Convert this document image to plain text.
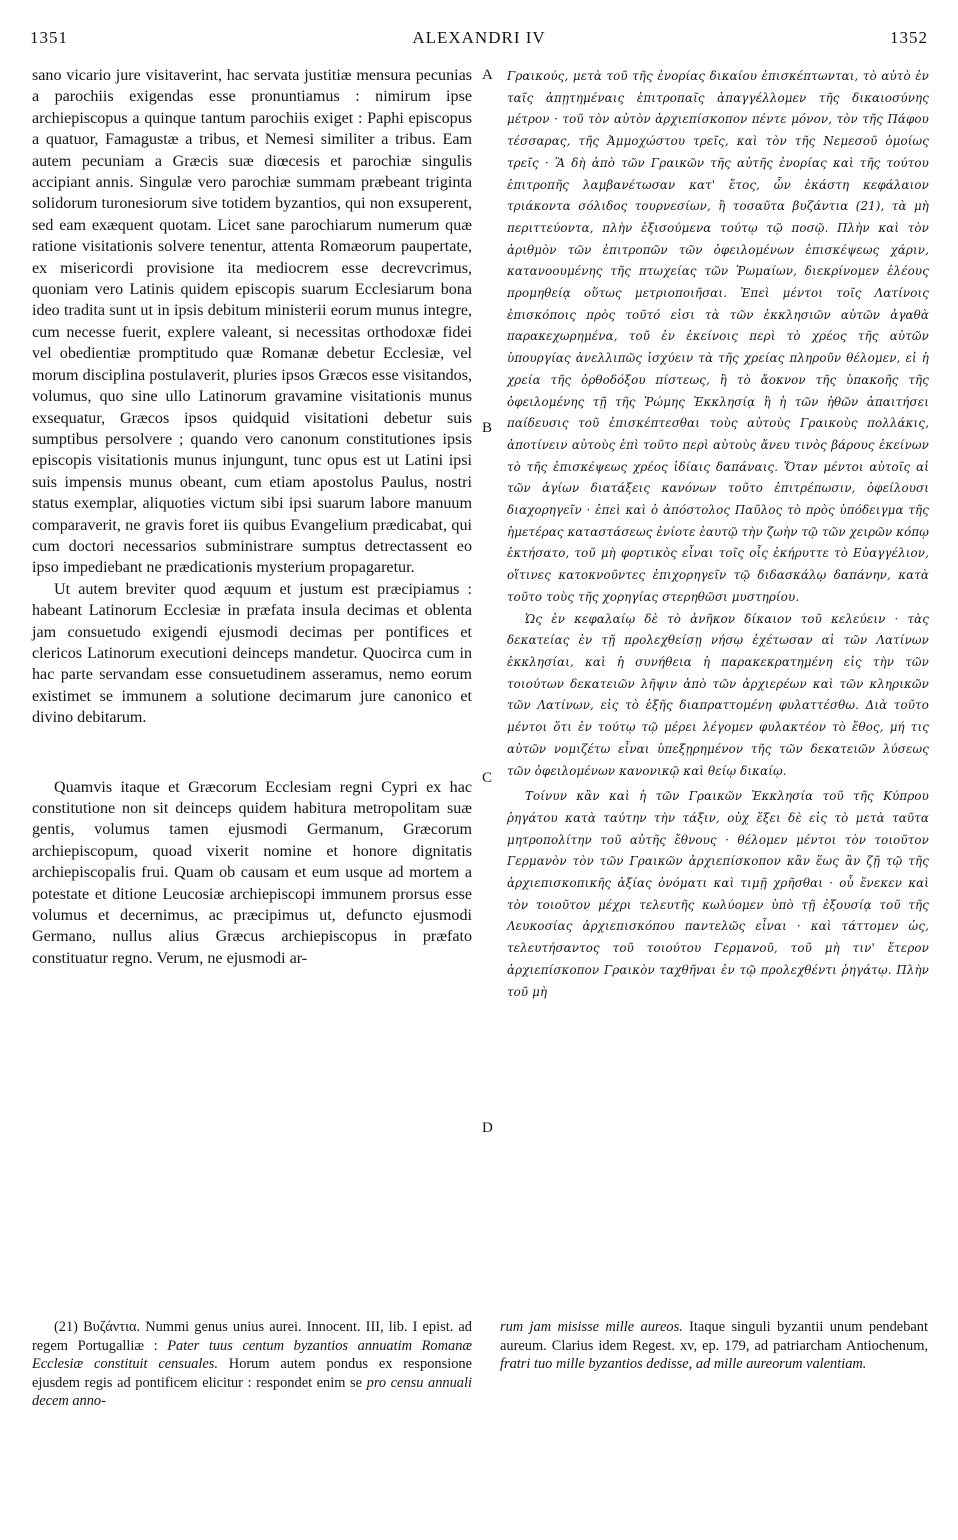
1351	ALEXANDRI IV	1352

sano vicario jure visitaverint, hac servata justitiæ mensura pecunias a parochiis exigendas esse pronuntiamus : nimirum ipse archiepiscopus a quinque tantum parochiis exiget : Paphi episcopus a quatuor, Famagustæ a tribus, et Nemesi similiter a tribus. Eam autem pecuniam a Græcis suæ diœcesis et parochiæ singulis accipiant annis. Singulæ vero parochiæ summam præbeant triginta solidorum turonesiorum sive totidem byzantios, qui non exsuperent, sed eam exæquent quotam. Licet sane parochiarum numerum quæ ratione visitationis solvere tenentur, attenta Romæorum paupertate, ex misericordi provisione ita mediocrem esse decrevcrimus, quoniam vero Latinis quidem episcopis suarum Ecclesiarum bona ideo tradita sunt ut in ipsis debitum ministerii eorum munus integre, cum necesse fuerit, explere valeant, si necessitas orthodoxæ fidei vel obedientiæ promptitudo quæ Romanæ debetur Ecclesiæ, vel morum disciplina postulaverit, pluries ipsos Græcos esse visitandos, volumus, quo sine ullo Latinorum gravamine visitationis munus exsequatur, Græcos ipsos quidquid visitationi debetur suis sumptibus persolvere ; quando vero canonum constitutiones ipsis episcopis visitationis munus injungunt, tunc opus est ut Latini ipsi suis impensis munus obeant, cum etiam apostolus Paulus, nostri status exemplar, aliquoties victum sibi ipsi suarum labore manuum comparaverit, ne gravis foret iis quibus Evangelium prædicabat, qui cum doctori necessarios subministrare sumptus detrectassent eo ipso impediebant ne prædicationis mysterium propagaretur.

Ut autem breviter quod æquum et justum est præcipiamus : habeant Latinorum Ecclesiæ in præfata insula decimas et oblenta jam consuetudo exigendi ejusmodi decimas per pontifices et clericos Latinorum executioni deinceps mandetur. Quocirca cum in hac parte servandam esse consuetudinem asseramus, nemo eorum existimet se immunem a solutione decimarum jure canonico et divino debitarum.

Quamvis itaque et Græcorum Ecclesiam regni Cypri ex hac constitutione non sit deinceps quidem habitura metropolitam suæ gentis, volumus tamen ejusmodi Germanum, Græcorum archiepiscopum, quoad vixerit nomine et honore dignitatis archiepiscopalis frui. Quam ob causam et eum usque ad mortem a potestate et ditione Leucosiæ archiepiscopi immunem prorsus esse volumus et decernimus, ac præcipimus ut, defuncto ejusmodi Germano, nullus alius Græcus archiepiscopus in præfato constituatur regno. Verum, ne ejusmodi ar-

A
B
C
D

Γραικούς, μετὰ τοῦ τῆς ἐνορίας δικαίου ἐπισκέπτωνται, τὸ αὐτὸ ἐν ταῖς ἀπῃτημέναις ἐπιτροπαῖς ἀπαγγέλλομεν τῆς δικαιοσύνης μέτρον · τοῦ τὸν αὐτὸν ἀρχιεπίσκοπον πέντε μόνον, τὸν τῆς Πάφου τέσσαρας, τῆς Ἀμμοχώστου τρεῖς, καὶ τὸν τῆς Νεμεσοῦ ὁμοίως τρεῖς · Ἃ δὴ ἀπὸ τῶν Γραικῶν τῆς αὐτῆς ἐνορίας καὶ τῆς τούτου ἐπιτροπῆς λαμβανέτωσαν κατ' ἔτος, ὧν ἑκάστη κεφάλαιον τριάκοντα σόλιδος τουρνεσίων, ἢ τοσαῦτα βυζάντια (21), τὰ μὴ περιττεύοντα, πλὴν ἐξισούμενα τούτῳ τῷ ποσῷ. Πλὴν καὶ τὸν ἀριθμὸν τῶν ἐπιτροπῶν τῶν ὀφειλομένων ἐπισκέψεως χάριν, κατανοουμένης τῆς πτωχείας τῶν Ῥωμαίων, διεκρίνομεν ἐλέους προμηθείᾳ οὕτως μετριοποιῆσαι. Ἐπεὶ μέντοι τοῖς Λατίνοις ἐπισκόποις πρὸς τοῦτό εἰσι τὰ τῶν ἐκκλησιῶν αὐτῶν ἀγαθὰ παρακεχωρημένα, τοῦ ἐν ἐκείνοις περὶ τὸ χρέος τῆς αὐτῶν ὑπουργίας ἀνελλιπῶς ἰσχύειν τὰ τῆς χρείας πληροῦν θέλομεν, εἰ ἡ χρεία τῆς ὀρθοδόξου πίστεως, ἢ τὸ ἄοκνον τῆς ὑπακοῆς τῆς ὀφειλομένης τῇ τῆς Ῥώμης Ἐκκλησίᾳ ἢ ἡ τῶν ἠθῶν ἀπαιτήσει παίδευσις τοῦ ἐπισκέπτεσθαι τοὺς αὐτοὺς Γραικοὺς πολλάκις, ἀποτίνειν αὐτοὺς ἐπὶ τοῦτο περὶ αὐτοὺς ἄνευ τινὸς βάρους ἐκείνων τὸ τῆς ἐπισκέψεως χρέος ἰδίαις δαπάναις. Ὅταν μέντοι αὐτοῖς αἱ τῶν ἁγίων διατάξεις κανόνων τοῦτο ἐπιτρέπωσιν, ὀφείλουσι διαχορηγεῖν · ἐπεὶ καὶ ὁ ἀπόστολος Παῦλος τὸ πρὸς ὑπόδειγμα τῆς ἡμετέρας καταστάσεως ἐνίοτε ἑαυτῷ τὴν ζωὴν τῷ τῶν χειρῶν κόπῳ ἐκτήσατο, τοῦ μὴ φορτικὸς εἶναι τοῖς οἷς ἐκήρυττε τὸ Εὐαγγέλιον, οἵτινες κατοκνοῦντες ἐπιχορηγεῖν τῷ διδασκάλῳ δαπάνην, κατὰ τοῦτο τοὺς τῆς χορηγίας στερηθῶσι μυστηρίου.

Ὡς ἐν κεφαλαίῳ δὲ τὸ ἀνῆκον δίκαιον τοῦ κελεύειν · τὰς δεκατείας ἐν τῇ προλεχθείσῃ νήσῳ ἐχέτωσαν αἱ τῶν Λατίνων ἐκκλησίαι, καὶ ἡ συνήθεια ἡ παρακεκρατημένη εἰς τὴν τῶν τοιούτων δεκατειῶν λῆψιν ἀπὸ τῶν ἀρχιερέων καὶ τῶν κληρικῶν τῶν Λατίνων, εἰς τὸ ἑξῆς διαπραττομένη φυλαττέσθω. Διὰ τοῦτο μέντοι ὅτι ἐν τούτῳ τῷ μέρει λέγομεν φυλακτέον τὸ ἔθος, μή τις αὐτῶν νομιζέτω εἶναι ὑπεξῃρημένον τῆς τῶν δεκατειῶν λύσεως τῶν ὀφειλομένων κανονικῷ καὶ θείῳ δικαίῳ.

Τοίνυν κἂν καὶ ἡ τῶν Γραικῶν Ἐκκλησία τοῦ τῆς Κύπρου ῥηγάτου κατὰ ταύτην τὴν τάξιν, οὐχ ἕξει δὲ εἰς τὸ μετὰ ταῦτα μητροπολίτην τοῦ αὐτῆς ἔθνους · θέλομεν μέντοι τὸν τοιοῦτον Γερμανὸν τὸν τῶν Γραικῶν ἀρχιεπίσκοπον κἂν ἕως ἂν ζῇ τῷ τῆς ἀρχιεπισκοπικῆς ἀξίας ὀνόματι καὶ τιμῇ χρῆσθαι · οὗ ἕνεκεν καὶ τὸν τοιοῦτον μέχρι τελευτῆς κωλύομεν ὑπὸ τῇ ἐξουσίᾳ τοῦ τῆς Λευκοσίας ἀρχιεπισκόπου παντελῶς εἶναι · καὶ τάττομεν ὡς, τελευτήσαντος τοῦ τοιούτου Γερμανοῦ, τοῦ μὴ τιν' ἕτερον ἀρχιεπίσκοπον Γραικὸν ταχθῆναι ἐν τῷ προλεχθέντι ῥηγάτῳ. Πλὴν τοῦ μὴ

(21) Βυζάντια. Nummi genus unius aurei. Innocent. III, lib. I epist. ad regem Portugalliæ : Pater tuus centum byzantios annuatim Romanæ Ecclesiæ constituit censuales. Horum autem pondus ex responsione ejusdem regis ad pontificem elicitur : respondet enim se pro censu annuali decem anno-

rum jam misisse mille aureos. Itaque singuli byzantii unum pendebant aureum. Clarius idem Regest. xv, ep. 179, ad patriarcham Antiochenum, fratri tuo mille byzantios dedisse, ad mille aureorum valentiam.
